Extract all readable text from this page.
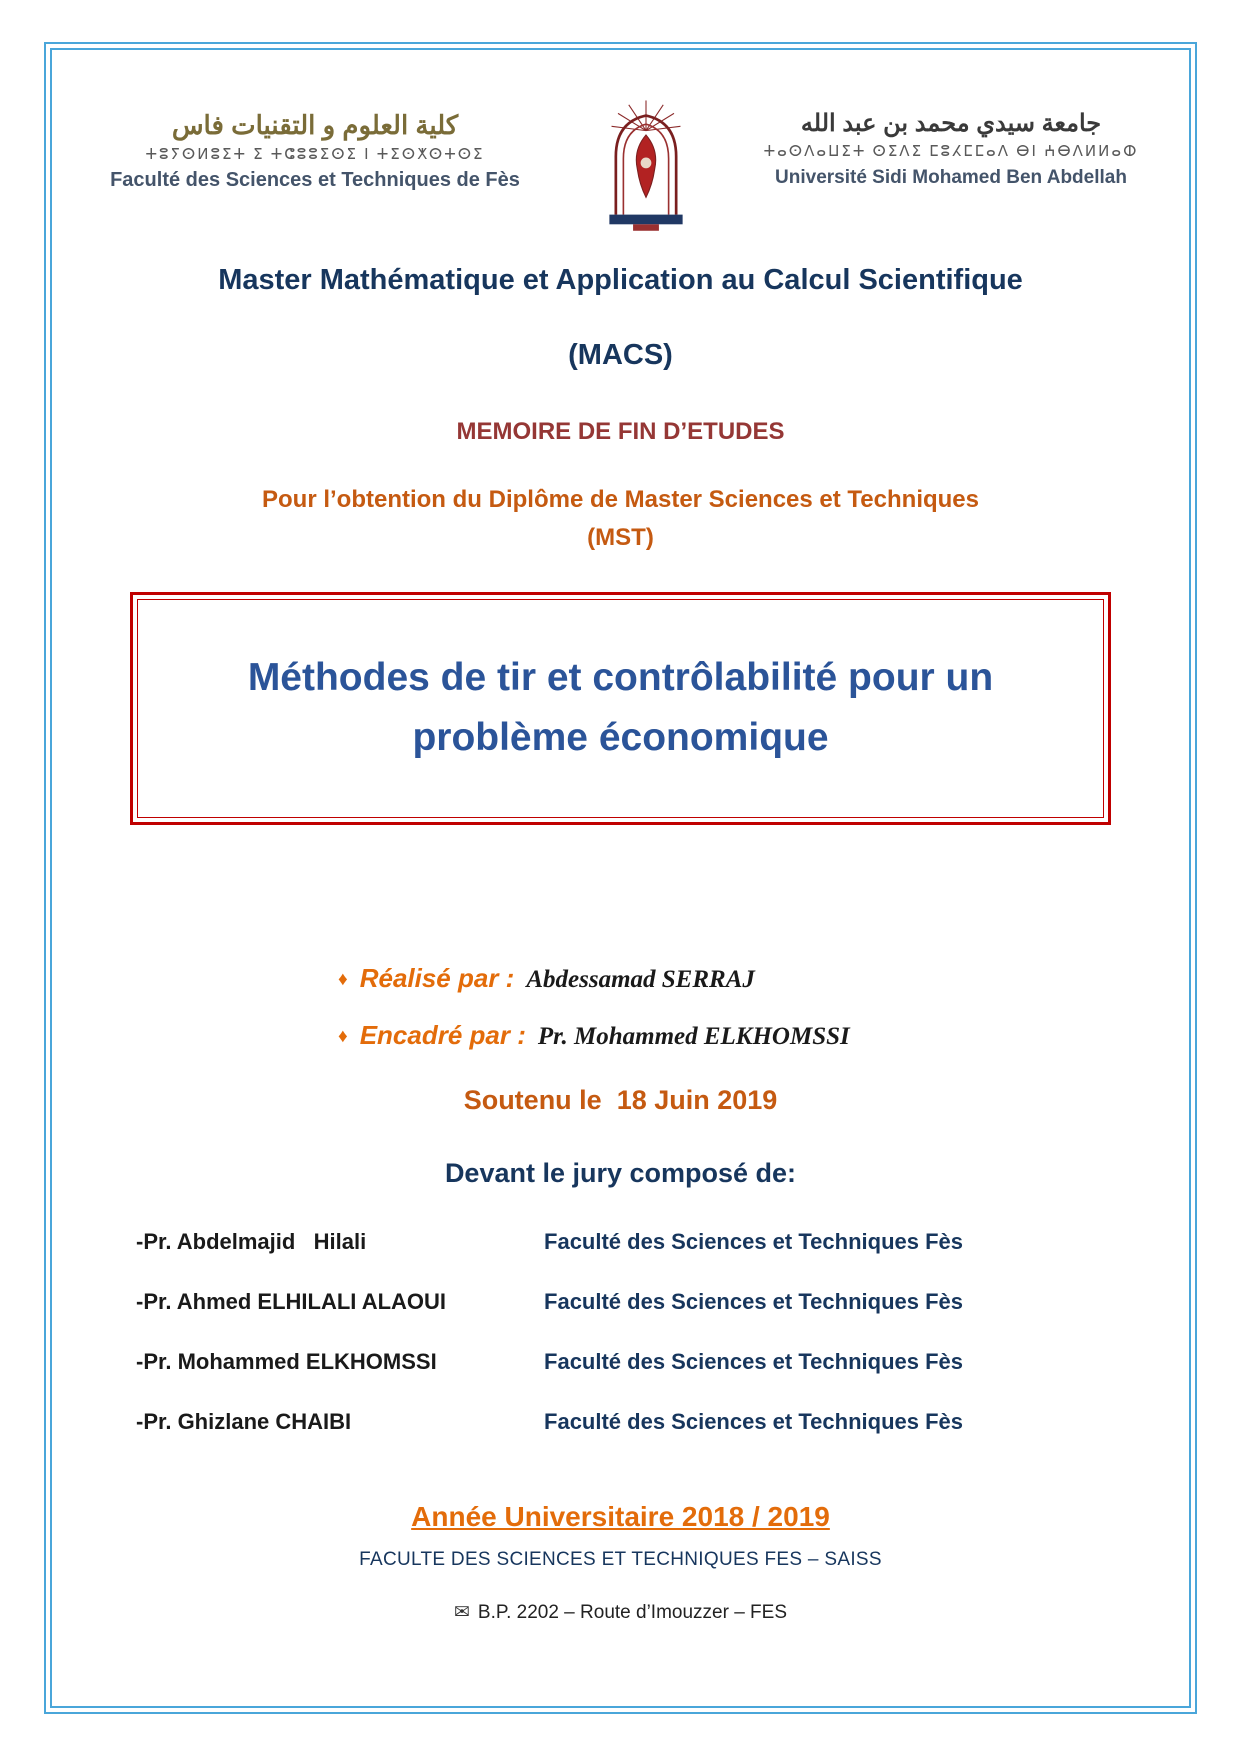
كلية العلوم و التقنيات فاس
ⵜⵓⵢⵙⵍⵓⵉⵜ ⵉ ⵜⵛⵓⵓⵉⵙⵉ ⵏ ⵜⵉⵙⵅⵙⵜⵙⵉ
Faculté des Sciences et Techniques de Fès
جامعة سيدي محمد بن عبد الله
ⵜⴰⵙⴷⴰⵡⵉⵜ ⵙⵉⴷⵉ ⵎⵓⵃⵎⵎⴰⴷ ⴱⵏ ⵄⴱⴷⵍⵍⴰⵀ
Université Sidi Mohamed Ben Abdellah
Master Mathématique et Application au Calcul Scientifique
(MACS)
MEMOIRE DE FIN D’ETUDES
Pour l’obtention du Diplôme de Master Sciences et Techniques
(MST)
Méthodes de tir et contrôlabilité pour un problème économique
♦ Réalisé par : Abdessamad SERRAJ
♦ Encadré par : Pr. Mohammed ELKHOMSSI
Soutenu le  18 Juin 2019
Devant le jury composé de:
-Pr. Abdelmajid   Hilali	Faculté des Sciences et Techniques Fès
-Pr. Ahmed ELHILALI ALAOUI	Faculté des Sciences et Techniques Fès
-Pr. Mohammed ELKHOMSSI	Faculté des Sciences et Techniques Fès
-Pr. Ghizlane CHAIBI	Faculté des Sciences et Techniques Fès
Année Universitaire 2018 / 2019
FACULTE DES SCIENCES ET TECHNIQUES FES – SAISS
✉ B.P. 2202 – Route d’Imouzzer – FES
